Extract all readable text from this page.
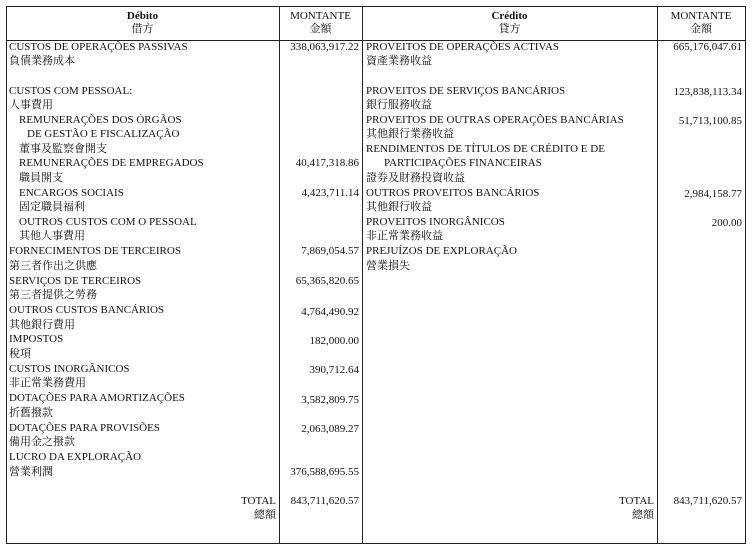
Débito
借方
MONTANTE
金額
Crédito
貸方
MONTANTE
金額
CUSTOS DE OPERAÇÕES PASSIVAS
負債業務成本
338,063,917.22
CUSTOS COM PESSOAL:
人事費用
REMUNERAÇÕES DOS ÓRGÃOS
DE GESTÃO E FISCALIZAÇÃO
董事及監察會開支
REMUNERAÇÕES DE EMPREGADOS
職員開支
40,417,318.86
ENCARGOS SOCIAIS
固定職員福利
4,423,711.14
OUTROS CUSTOS COM O PESSOAL
其他人事費用
FORNECIMENTOS DE TERCEIROS
第三者作出之供應
7,869,054.57
SERVIÇOS DE TERCEIROS
第三者提供之勞務
65,365,820.65
OUTROS CUSTOS BANCÁRIOS
其他銀行費用
4,764,490.92
IMPOSTOS
稅項
182,000.00
CUSTOS INORGÂNICOS
非正常業務費用
390,712.64
DOTAÇÕES PARA AMORTIZAÇÕES
折舊撥款
3,582,809.75
DOTAÇÕES PARA PROVISÕES
備用金之撥款
2,063,089.27
LUCRO DA EXPLORAÇÃO
營業利潤	376,588,695.55
TOTAL
總額
843,711,620.57
PROVEITOS DE OPERAÇÕES ACTIVAS
資產業務收益
665,176,047.61
PROVEITOS DE SERVIÇOS BANCÁRIOS
銀行服務收益
123,838,113.34
PROVEITOS DE OUTRAS OPERAÇÕES BANCÁRIAS
其他銀行業務收益
51,713,100.85
RENDIMENTOS DE TÍTULOS DE CRÉDITO E DE
PARTICIPAÇÕES FINANCEIRAS
證券及財務投資收益
OUTROS PROVEITOS BANCÁRIOS
其他銀行收益
2,984,158.77
PROVEITOS INORGÂNICOS
非正常業務收益
200.00
PREJUÍZOS DE EXPLORAÇÃO
營業損失
TOTAL
總額
843,711,620.57
